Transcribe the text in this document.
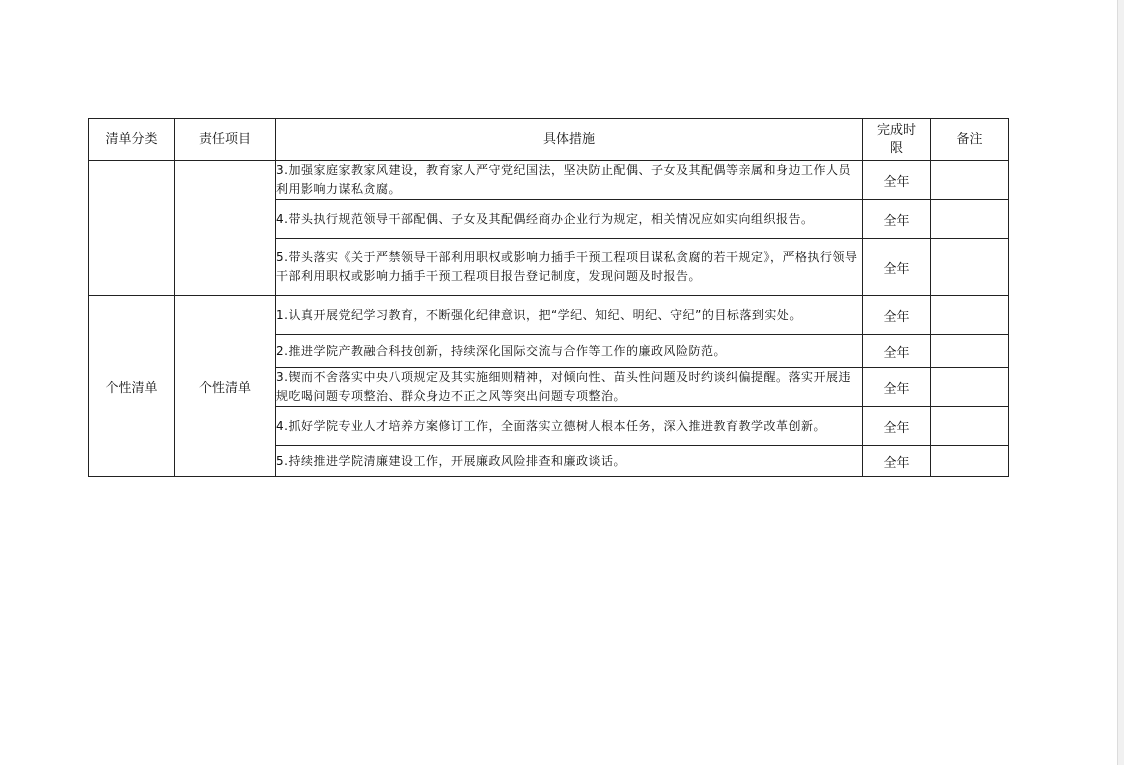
清单分类	责任项目	具体措施	完成时限	备注
		3.加强家庭家教家风建设，教育家人严守党纪国法，坚决防止配偶、子女及其配偶等亲属和身边工作人员利用影响力谋私贪腐。	全年	
		4.带头执行规范领导干部配偶、子女及其配偶经商办企业行为规定，相关情况应如实向组织报告。	全年	
		5.带头落实《关于严禁领导干部利用职权或影响力插手干预工程项目谋私贪腐的若干规定》，严格执行领导干部利用职权或影响力插手干预工程项目报告登记制度，发现问题及时报告。	全年	
个性清单	个性清单	1.认真开展党纪学习教育，不断强化纪律意识，把“学纪、知纪、明纪、守纪”的目标落到实处。	全年	
		2.推进学院产教融合科技创新，持续深化国际交流与合作等工作的廉政风险防范。	全年	
		3.锲而不舍落实中央八项规定及其实施细则精神，对倾向性、苗头性问题及时约谈纠偏提醒。落实开展违规吃喝问题专项整治、群众身边不正之风等突出问题专项整治。	全年	
		4.抓好学院专业人才培养方案修订工作，全面落实立德树人根本任务，深入推进教育教学改革创新。	全年	
		5.持续推进学院清廉建设工作，开展廉政风险排查和廉政谈话。	全年	
